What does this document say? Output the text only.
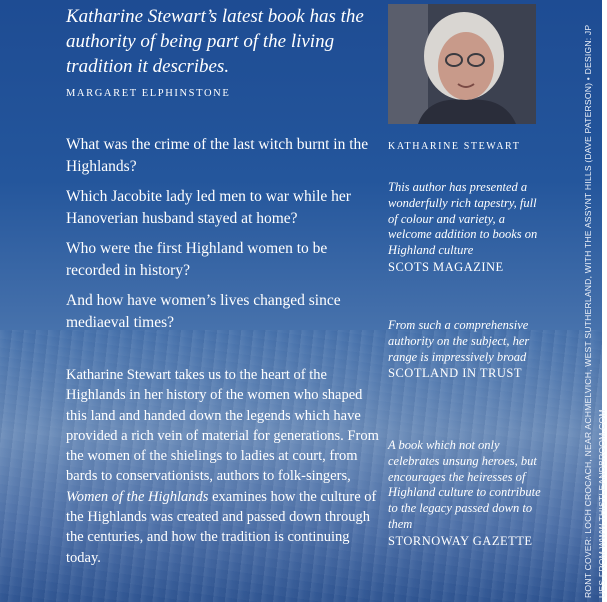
Katharine Stewart’s latest book has the authority of being part of the living tradition it describes.
MARGARET ELPHINSTONE

What was the crime of the last witch burnt in the Highlands?

Which Jacobite lady led men to war while her Hanoverian husband stayed at home?

Who were the first Highland women to be recorded in history?

And how have women’s lives changed since mediaeval times?

Katharine Stewart takes us to the heart of the Highlands in her history of the women who shaped this land and handed down the legends which have provided a rich vein of material for generations. From the women of the shielings to ladies at court, from bards to conservationists, authors to folk-singers, Women of the Highlands examines how the culture of the Highlands was created and passed down through the centuries, and how the tradition is continuing today.
KATHARINE STEWART
This author has presented a wonderfully rich tapestry, full of colour and variety, a welcome addition to books on Highland culture
SCOTS MAGAZINE
From such a comprehensive authority on the subject, her range is impressively broad
SCOTLAND IN TRUST
A book which not only celebrates unsung heroes, but encourages the heiresses of Highland culture to contribute to the legacy passed down to them
STORNOWAY GAZETTE	RONT COVER: LOCH CROCACH, NEAR ACHMELVICH, WEST SUTHERLAND, WITH THE ASSYNT HILLS (DAVE PATERSON) • DESIGN: JP UES FROM WWW.THISTLEANDBROOM.COM
